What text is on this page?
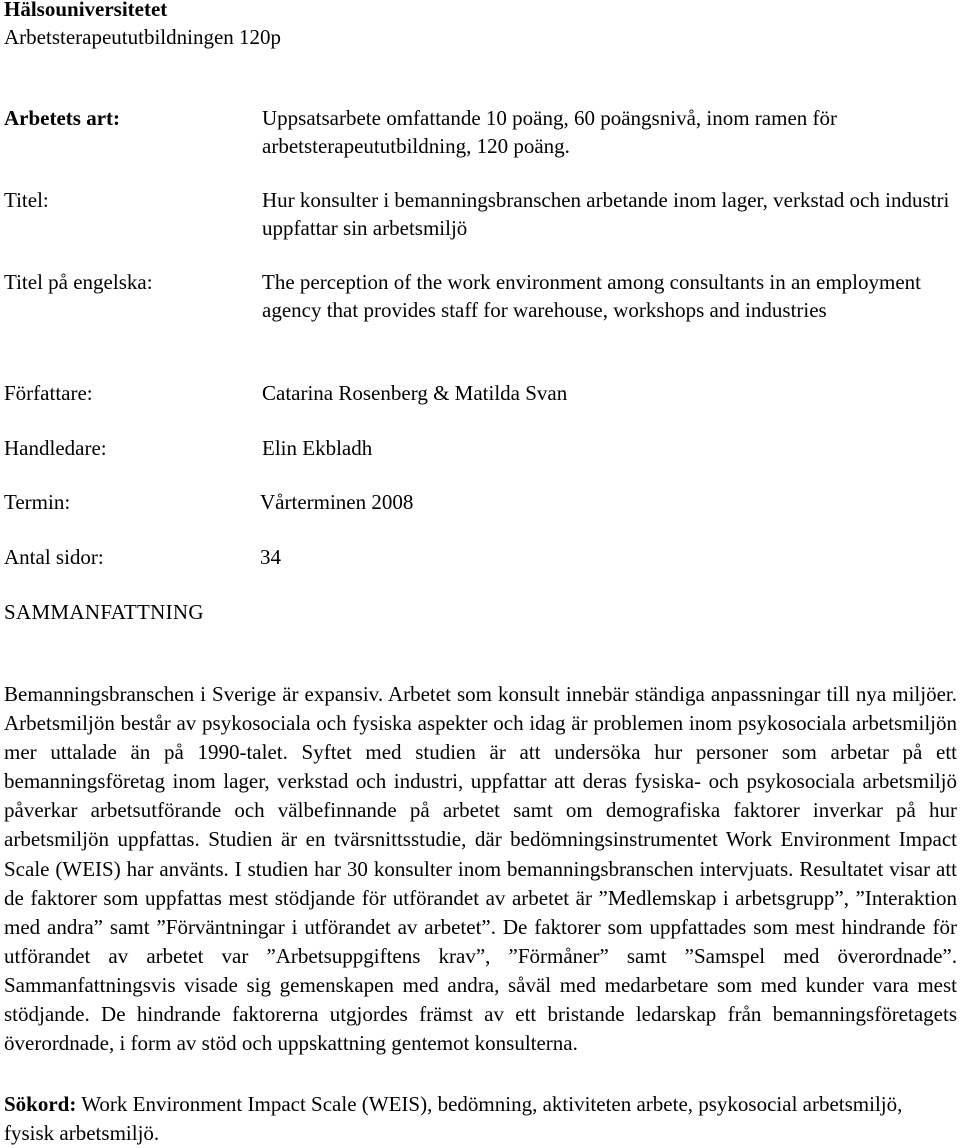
Hälsouniversitetet
Arbetsterapeututbildningen 120p
Arbetets art:	Uppsatsarbete omfattande 10 poäng, 60 poängsnivå, inom ramen för arbetsterapeututbildning, 120 poäng.
Titel:	Hur konsulter i bemanningsbranschen arbetande inom lager, verkstad och industri uppfattar sin arbetsmiljö
Titel på engelska:	The perception of the work environment among consultants in an employment agency that provides staff for warehouse, workshops and industries
Författare:	Catarina Rosenberg & Matilda Svan
Handledare:	Elin Ekbladh
Termin:	Vårterminen 2008
Antal sidor:	34
SAMMANFATTNING
Bemanningsbranschen i Sverige är expansiv. Arbetet som konsult innebär ständiga anpassningar till nya miljöer. Arbetsmiljön består av psykosociala och fysiska aspekter och idag är problemen inom psykosociala arbetsmiljön mer uttalade än på 1990-talet. Syftet med studien är att undersöka hur personer som arbetar på ett bemanningsföretag inom lager, verkstad och industri, uppfattar att deras fysiska- och psykosociala arbetsmiljö påverkar arbetsutförande och välbefinnande på arbetet samt om demografiska faktorer inverkar på hur arbetsmiljön uppfattas. Studien är en tvärsnittsstudie, där bedömningsinstrumentet Work Environment Impact Scale (WEIS) har använts. I studien har 30 konsulter inom bemanningsbranschen intervjuats. Resultatet visar att de faktorer som uppfattas mest stödjande för utförandet av arbetet är ”Medlemskap i arbetsgrupp”, ”Interaktion med andra” samt ”Förväntningar i utförandet av arbetet”. De faktorer som uppfattades som mest hindrande för utförandet av arbetet var ”Arbetsuppgiftens krav”, ”Förmåner” samt ”Samspel med överordnade”. Sammanfattningsvis visade sig gemenskapen med andra, såväl med medarbetare som med kunder vara mest stödjande. De hindrande faktorerna utgjordes främst av ett bristande ledarskap från bemanningsföretagets överordnade, i form av stöd och uppskattning gentemot konsulterna.
Sökord: Work Environment Impact Scale (WEIS), bedömning, aktiviteten arbete, psykosocial arbetsmiljö, fysisk arbetsmiljö.
